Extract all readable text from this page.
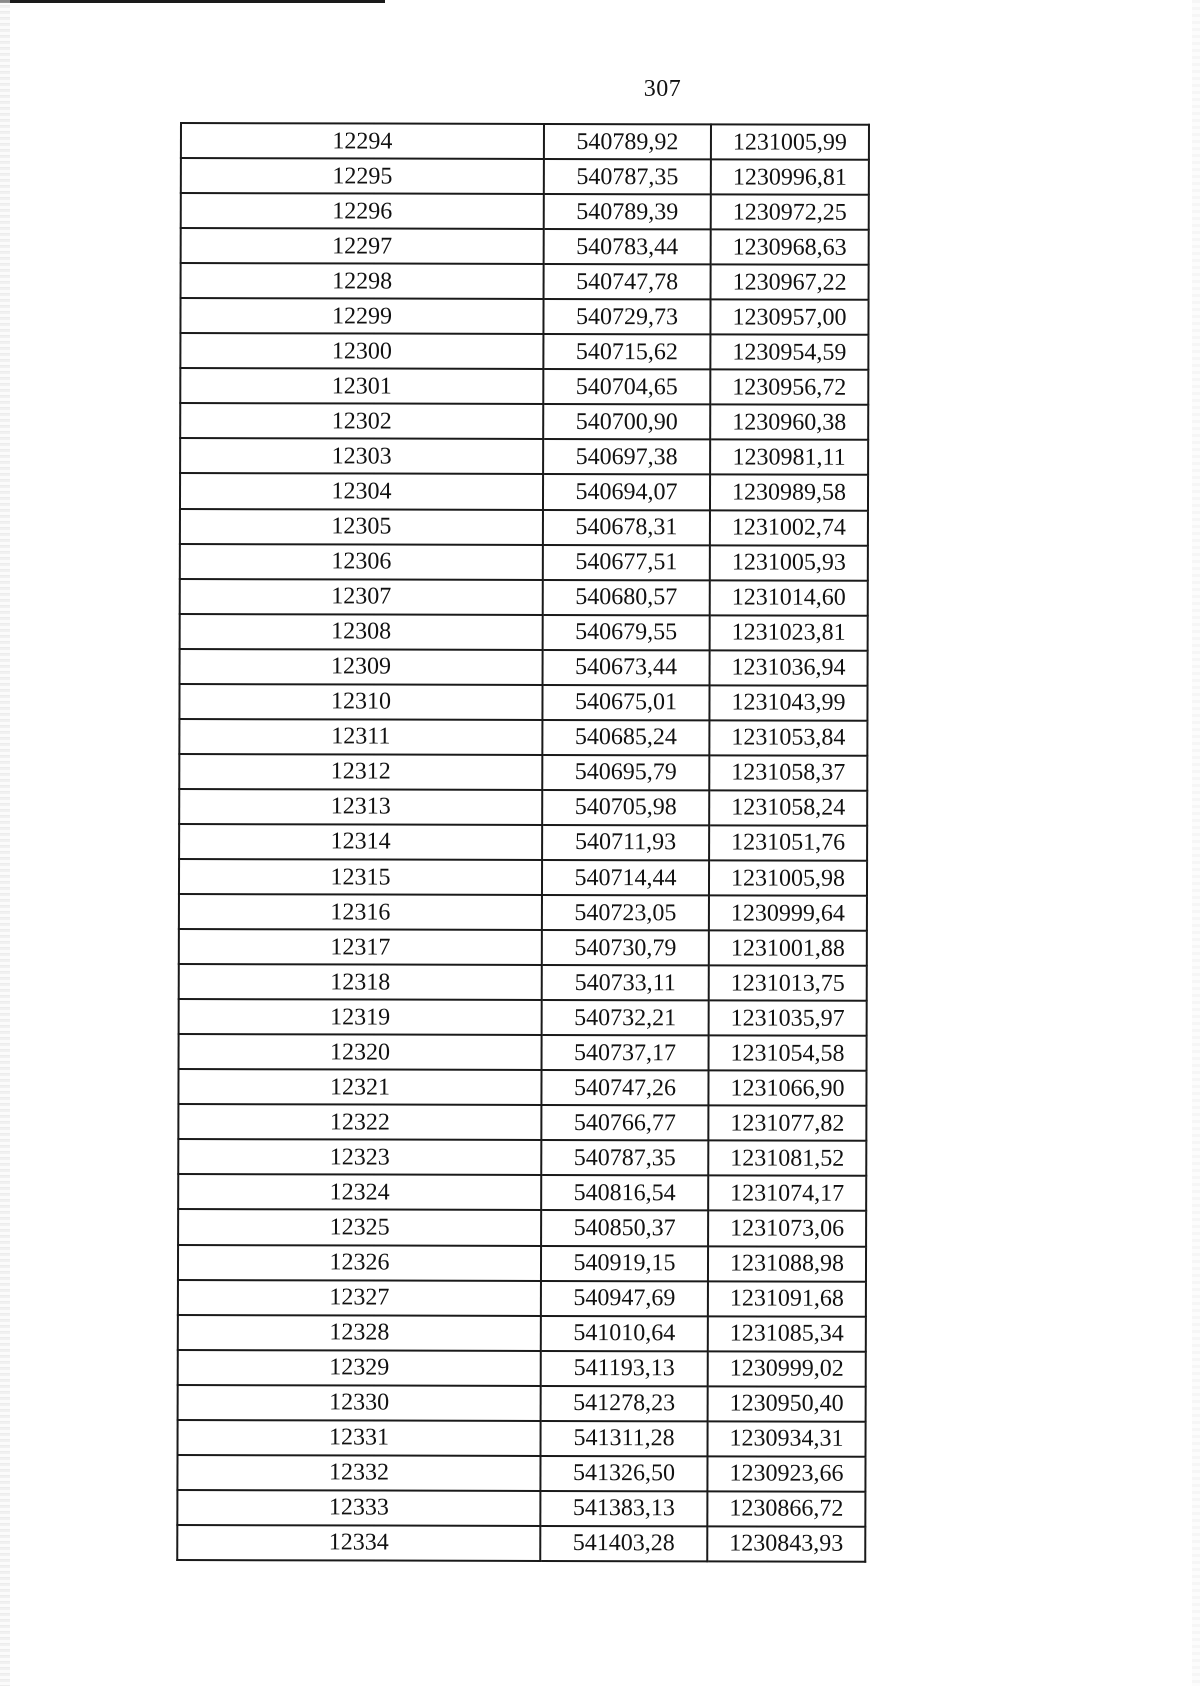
307
12294	540789,92	1231005,99
12295	540787,35	1230996,81
12296	540789,39	1230972,25
12297	540783,44	1230968,63
12298	540747,78	1230967,22
12299	540729,73	1230957,00
12300	540715,62	1230954,59
12301	540704,65	1230956,72
12302	540700,90	1230960,38
12303	540697,38	1230981,11
12304	540694,07	1230989,58
12305	540678,31	1231002,74
12306	540677,51	1231005,93
12307	540680,57	1231014,60
12308	540679,55	1231023,81
12309	540673,44	1231036,94
12310	540675,01	1231043,99
12311	540685,24	1231053,84
12312	540695,79	1231058,37
12313	540705,98	1231058,24
12314	540711,93	1231051,76
12315	540714,44	1231005,98
12316	540723,05	1230999,64
12317	540730,79	1231001,88
12318	540733,11	1231013,75
12319	540732,21	1231035,97
12320	540737,17	1231054,58
12321	540747,26	1231066,90
12322	540766,77	1231077,82
12323	540787,35	1231081,52
12324	540816,54	1231074,17
12325	540850,37	1231073,06
12326	540919,15	1231088,98
12327	540947,69	1231091,68
12328	541010,64	1231085,34
12329	541193,13	1230999,02
12330	541278,23	1230950,40
12331	541311,28	1230934,31
12332	541326,50	1230923,66
12333	541383,13	1230866,72
12334	541403,28	1230843,93
